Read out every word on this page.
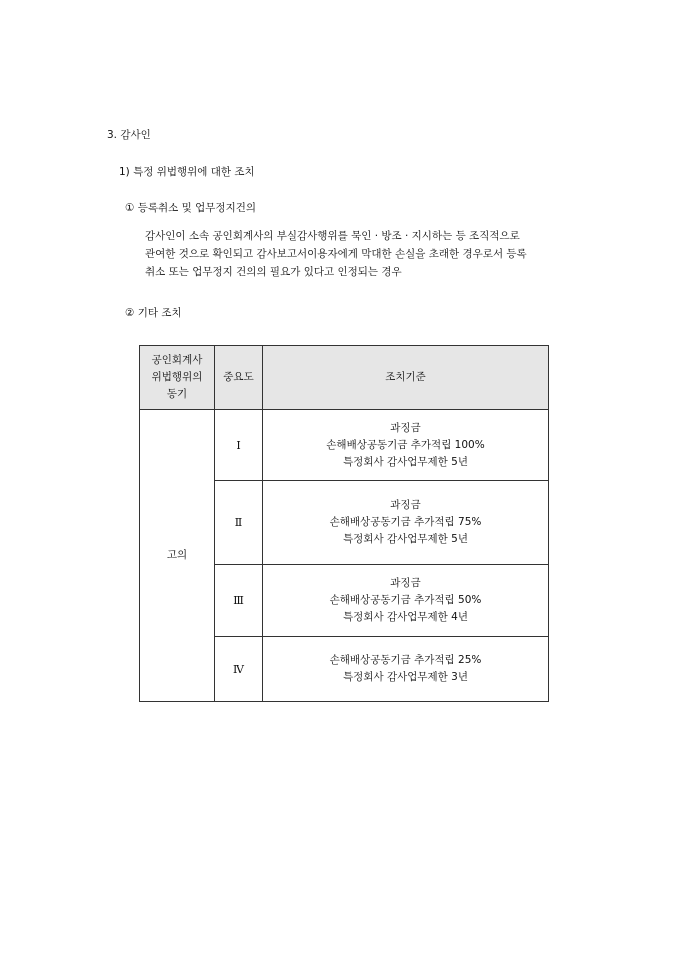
3. 감사인
1) 특정 위법행위에 대한 조치
① 등록취소 및 업무정지건의
감사인이 소속 공인회계사의 부실감사행위를 묵인 · 방조 · 지시하는 등 조직적으로
관여한 것으로 확인되고 감사보고서이용자에게 막대한 손실을 초래한 경우로서 등록
취소 또는 업무정지 건의의 필요가 있다고 인정되는 경우
② 기타 조치
공인회계사
위법행위의
동기	중요도	조치기준
고의	Ⅰ	과징금
손해배상공동기금 추가적립 100%
특정회사 감사업무제한 5년

	Ⅱ	과징금
손해배상공동기금 추가적립 75%
특정회사 감사업무제한 5년

	Ⅲ	과징금
손해배상공동기금 추가적립 50%
특정회사 감사업무제한 4년

	Ⅳ	손해배상공동기금 추가적립 25%
특정회사 감사업무제한 3년
